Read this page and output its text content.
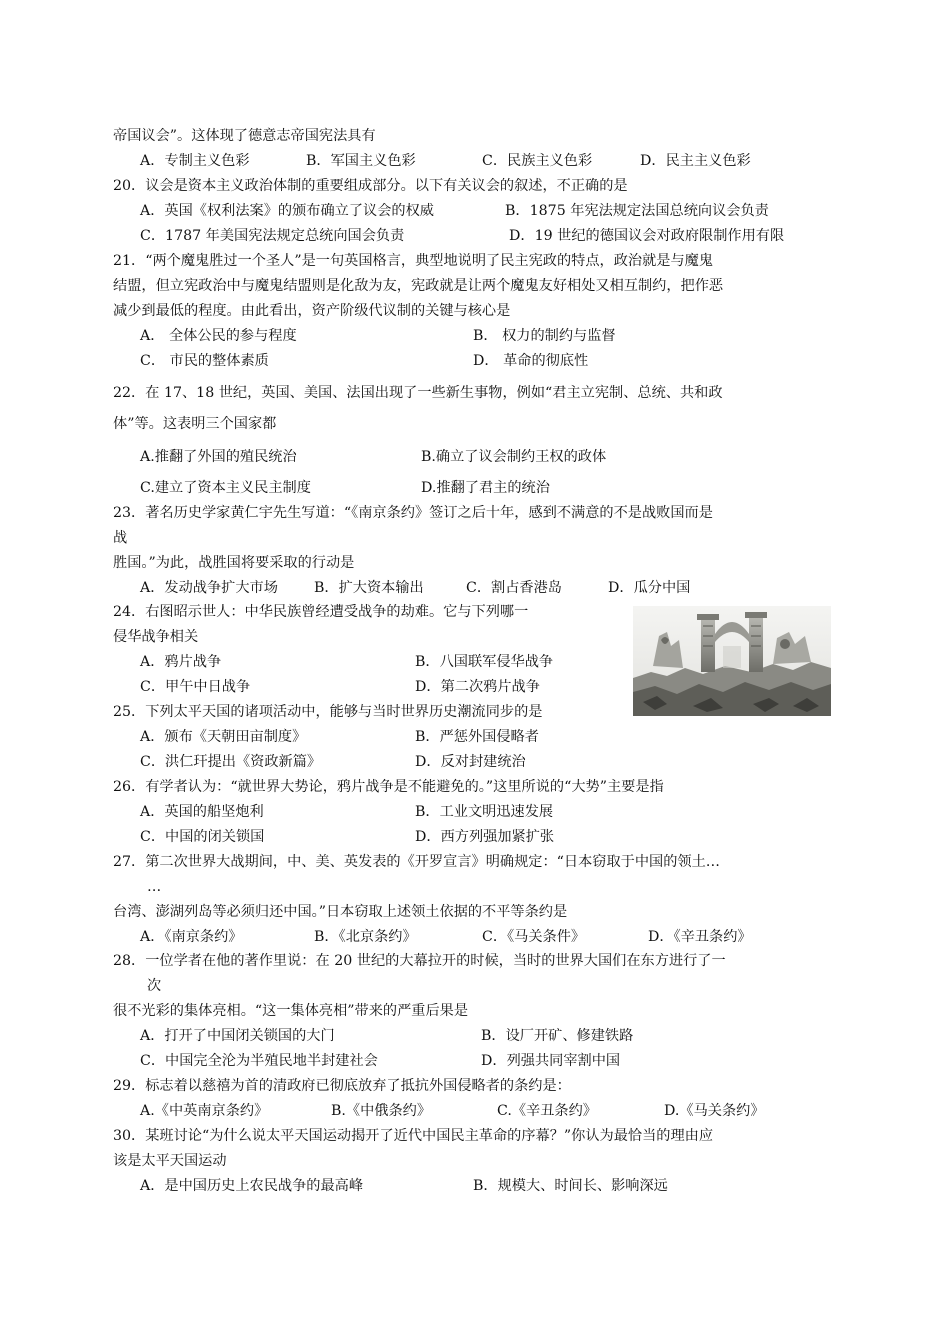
帝国议会”。这体现了德意志帝国宪法具有
20．议会是资本主义政治体制的重要组成部分。以下有关议会的叙述，不正确的是
21．“两个魔鬼胜过一个圣人”是一句英国格言，典型地说明了民主宪政的特点，政治就是与魔鬼
结盟，但立宪政治中与魔鬼结盟则是化敌为友，宪政就是让两个魔鬼友好相处又相互制约，把作恶
减少到最低的程度。由此看出，资产阶级代议制的关键与核心是
22．在 17、18 世纪，英国、美国、法国出现了一些新生事物，例如“君主立宪制、总统、共和政
体”等。这表明三个国家都
23．著名历史学家黄仁宇先生写道：“《南京条约》签订之后十年，感到不满意的不是战败国而是
战
胜国。”为此，战胜国将要采取的行动是
24．右图昭示世人：中华民族曾经遭受战争的劫难。它与下列哪一
侵华战争相关
25．下列太平天国的诸项活动中，能够与当时世界历史潮流同步的是
26．有学者认为：“就世界大势论，鸦片战争是不能避免的。”这里所说的“大势”主要是指
27．第二次世界大战期间，中、美、英发表的《开罗宣言》明确规定：“日本窃取于中国的领土…
…
台湾、澎湖列岛等必须归还中国。”日本窃取上述领土依据的不平等条约是
28．一位学者在他的著作里说：在 20 世纪的大幕拉开的时候，当时的世界大国们在东方进行了一
次
很不光彩的集体亮相。“这一集体亮相”带来的严重后果是
29．标志着以慈禧为首的清政府已彻底放弃了抵抗外国侵略者的条约是：
30．某班讨论“为什么说太平天国运动揭开了近代中国民主革命的序幕？”你认为最恰当的理由应
该是太平天国运动
A．专制主义色彩	B．军国主义色彩	C．民族主义色彩	D．民主主义色彩
A．英国《权利法案》的颁布确立了议会的权威	B．1875 年宪法规定法国总统向议会负责
C．1787 年美国宪法规定总统向国会负责	D．19 世纪的德国议会对政府限制作用有限
A． 全体公民的参与程度	B． 权力的制约与监督
C． 市民的整体素质	D． 革命的彻底性
A.推翻了外国的殖民统治	B.确立了议会制约王权的政体
C.建立了资本主义民主制度	D.推翻了君主的统治
A．发动战争扩大市场	B．扩大资本输出	C．割占香港岛	D．瓜分中国
A．鸦片战争	B．八国联军侵华战争
C．甲午中日战争	D．第二次鸦片战争
A．颁布《天朝田亩制度》	B．严惩外国侵略者
C．洪仁玕提出《资政新篇》	D．反对封建统治
A．英国的船坚炮利	B．工业文明迅速发展
C．中国的闭关锁国	D．西方列强加紧扩张
A．《南京条约》	B．《北京条约》	C．《马关条件》	D．《辛丑条约》
A．打开了中国闭关锁国的大门	B．设厂开矿、修建铁路
C．中国完全沦为半殖民地半封建社会	D．列强共同宰割中国
A.《中英南京条约》	B.《中俄条约》	C.《辛丑条约》	D.《马关条约》
A．是中国历史上农民战争的最高峰	B．规模大、时间长、影响深远
